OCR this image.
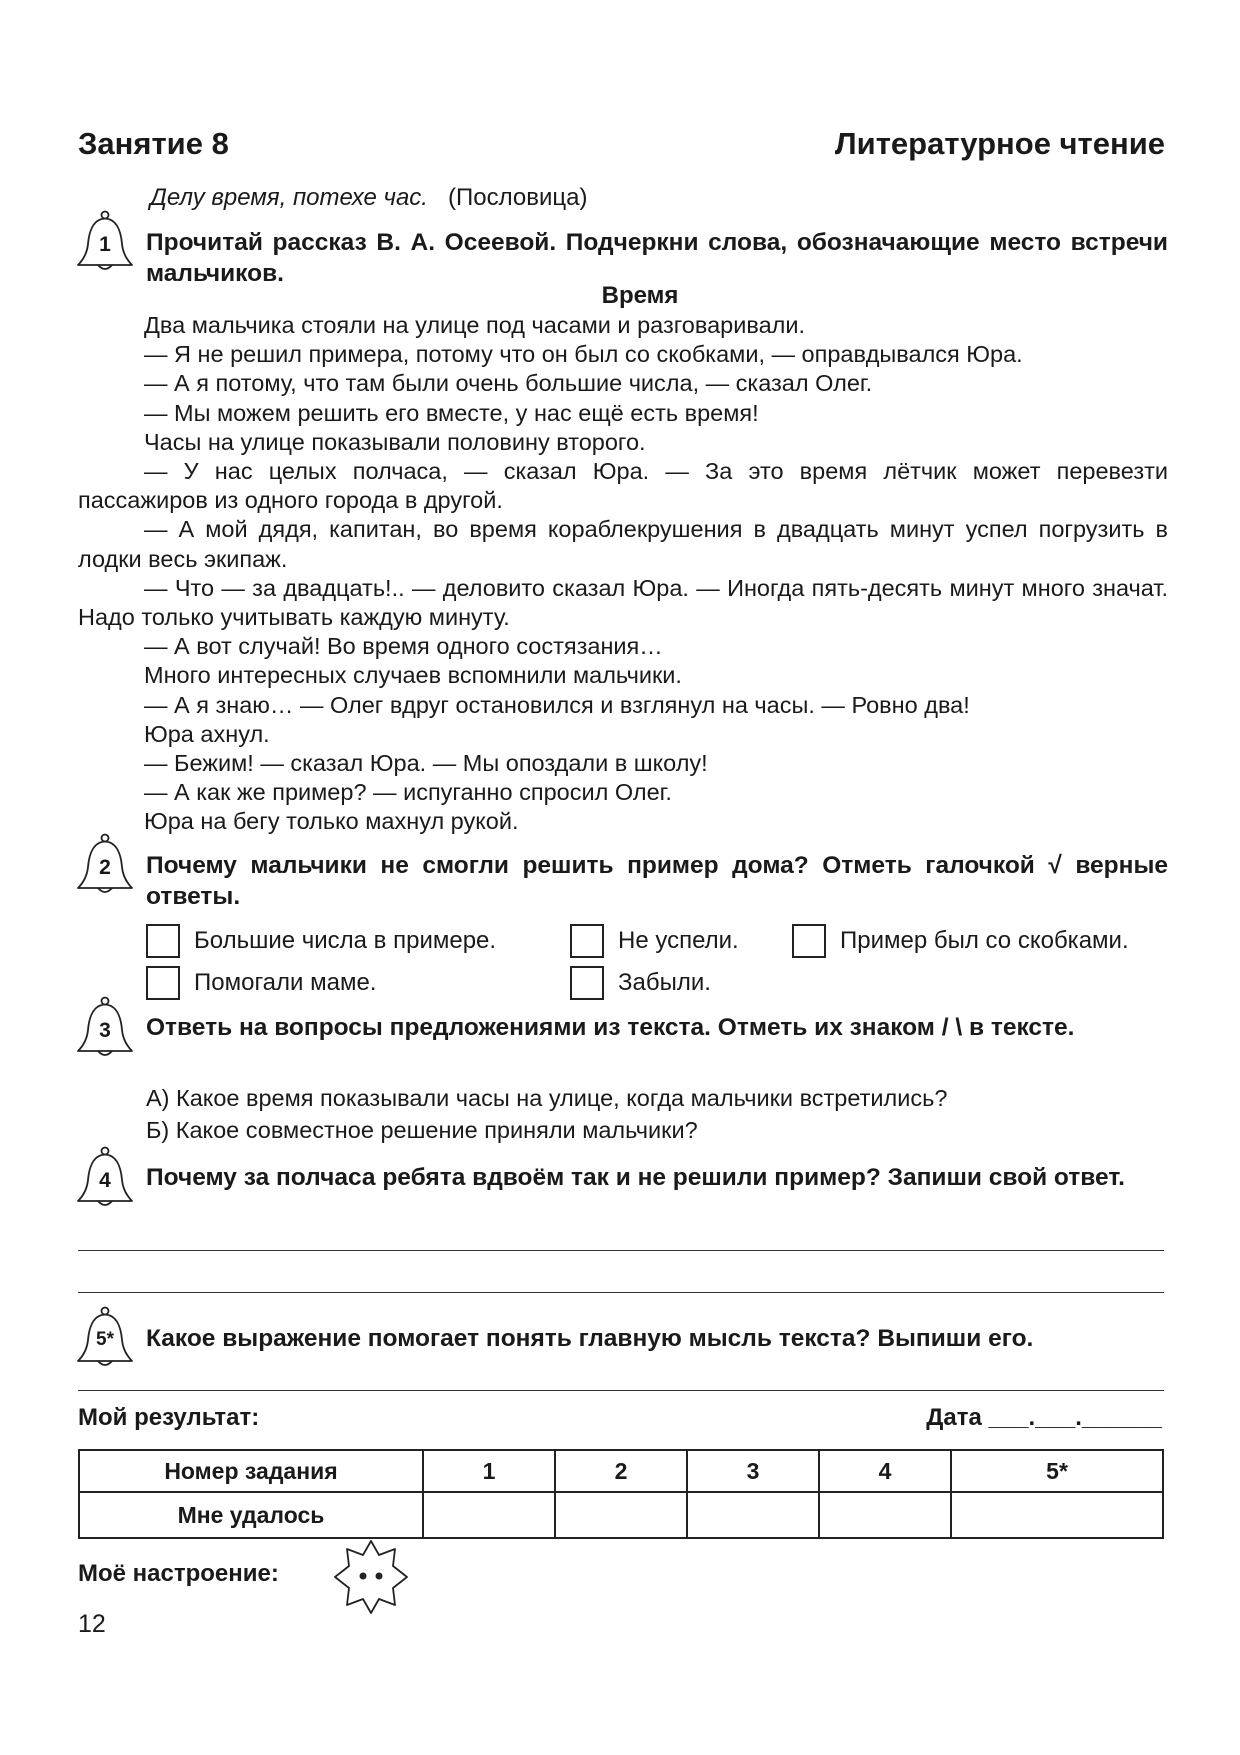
Занятие 8	Литературное чтение
Делу время, потехе час. (Пословица)
1	Прочитай рассказ В. А. Осеевой. Подчеркни слова, обозначающие место встречи мальчиков.
Время

Два мальчика стояли на улице под часами и разговаривали.

— Я не решил примера, потому что он был со скобками, — оправдывался Юра.

— А я потому, что там были очень большие числа, — сказал Олег.

— Мы можем решить его вместе, у нас ещё есть время!

Часы на улице показывали половину второго.

— У нас целых полчаса, — сказал Юра. — За это время лётчик может перевезти пассажиров из одного города в другой.

— А мой дядя, капитан, во время кораблекрушения в двадцать минут успел погрузить в лодки весь экипаж.

— Что — за двадцать!.. — деловито сказал Юра. — Иногда пять-десять минут много значат. Надо только учитывать каждую минуту.

— А вот случай! Во время одного состязания…

Много интересных случаев вспомнили мальчики.

— А я знаю… — Олег вдруг остановился и взглянул на часы. — Ровно два!

Юра ахнул.

— Бежим! — сказал Юра. — Мы опоздали в школу!

— А как же пример? — испуганно спросил Олег.

Юра на бегу только махнул рукой.

2	Почему мальчики не смогли решить пример дома? Отметь галочкой √ верные ответы.
Большие числа в примере.	Не успели.	Пример был со скобками.
Помогали маме.	Забыли.
3	Ответь на вопросы предложениями из текста. Отметь их знаком / \ в тексте.
А) Какое время показывали часы на улице, когда мальчики встретились?
Б) Какое совместное решение приняли мальчики?
4	Почему за полчаса ребята вдвоём так и не решили пример? Запиши свой ответ.
5*	Какое выражение помогает понять главную мысль текста? Выпиши его.
Мой результат:	Дата ___.___.______
Номер задания	1	2	3	4	5*
Мне удалось					
Моё настроение:
12
